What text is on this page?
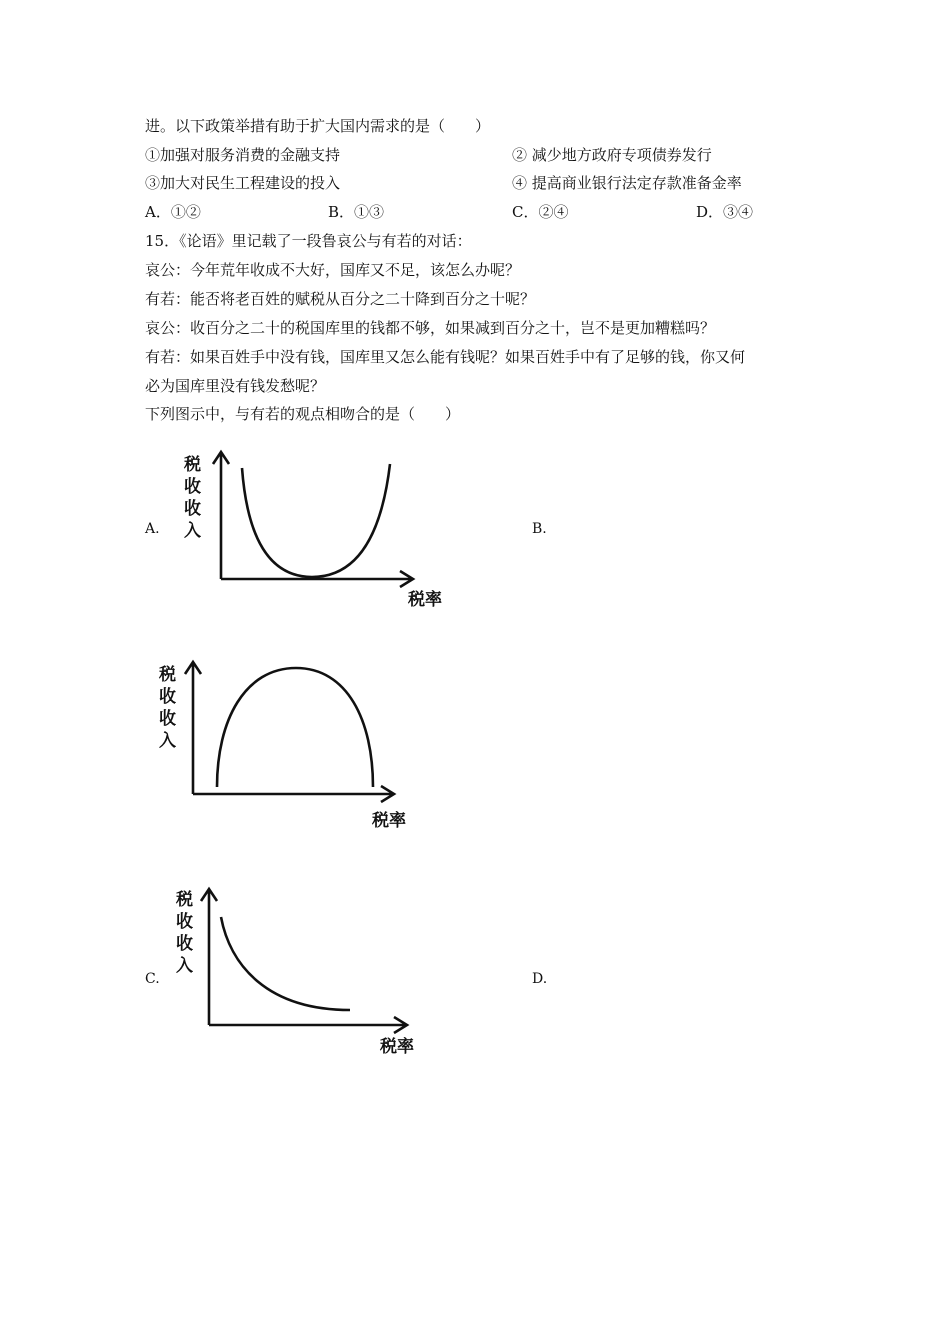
进。以下政策举措有助于扩大国内需求的是（　　）
①加强对服务消费的金融支持	② 减少地方政府专项债券发行
③加大对民生工程建设的投入	④ 提高商业银行法定存款准备金率
A．①②	B．①③	C．②④	D．③④
15．《论语》里记载了一段鲁哀公与有若的对话：
哀公：今年荒年收成不大好，国库又不足，该怎么办呢？
有若：能否将老百姓的赋税从百分之二十降到百分之十呢？
哀公：收百分之二十的税国库里的钱都不够，如果减到百分之十，岂不是更加糟糕吗？
有若：如果百姓手中没有钱，国库里又怎么能有钱呢？如果百姓手中有了足够的钱，你又何
必为国库里没有钱发愁呢？
下列图示中，与有若的观点相吻合的是（　　）
A.	B.
C.	D.
税
收
收
入
税率
税
收
收
入
税率
税
收
收
入
税率
